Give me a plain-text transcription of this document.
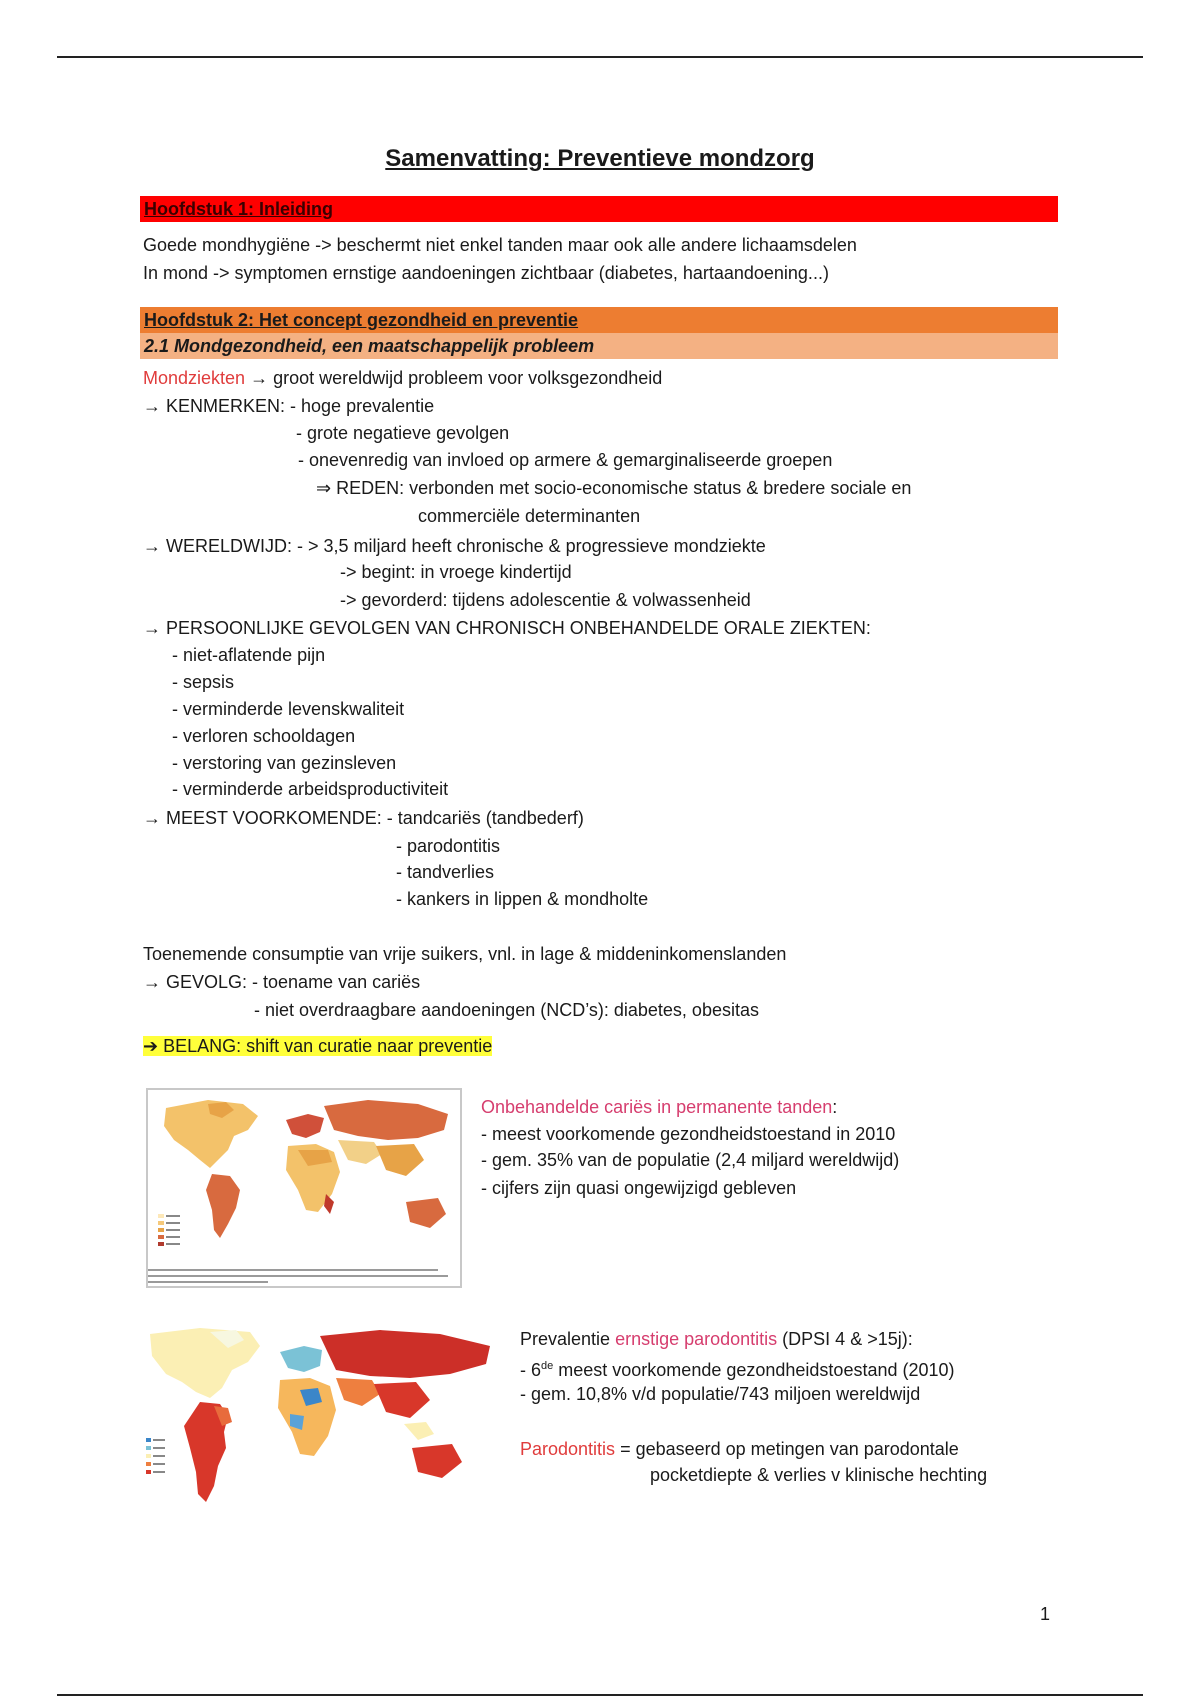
Samenvatting: Preventieve mondzorg
Hoofdstuk 1: Inleiding
Goede mondhygiëne -> beschermt niet enkel tanden maar ook alle andere lichaamsdelen
In mond -> symptomen ernstige aandoeningen zichtbaar (diabetes, hartaandoening...)
Hoofdstuk 2: Het concept gezondheid en preventie
2.1 Mondgezondheid, een maatschappelijk probleem
Mondziekten → groot wereldwijd probleem voor volksgezondheid
→ KENMERKEN: - hoge prevalentie
- grote negatieve gevolgen
- onevenredig van invloed op armere & gemarginaliseerde groepen
⇒ REDEN: verbonden met socio-economische status & bredere sociale en
commerciële determinanten
→ WERELDWIJD: - > 3,5 miljard heeft chronische & progressieve mondziekte
-> begint: in vroege kindertijd
-> gevorderd: tijdens adolescentie & volwassenheid
→ PERSOONLIJKE GEVOLGEN VAN CHRONISCH ONBEHANDELDE ORALE ZIEKTEN:
- niet-aflatende pijn
- sepsis
- verminderde levenskwaliteit
- verloren schooldagen
- verstoring van gezinsleven
- verminderde arbeidsproductiviteit
→ MEEST VOORKOMENDE: - tandcariës (tandbederf)
- parodontitis
- tandverlies
- kankers in lippen & mondholte
Toenemende consumptie van vrije suikers, vnl. in lage & middeninkomenslanden
→ GEVOLG: - toename van cariës
- niet overdraagbare aandoeningen (NCD’s): diabetes, obesitas
➔ BELANG: shift van curatie naar preventie
Onbehandelde cariës in permanente tanden:
- meest voorkomende gezondheidstoestand in 2010
- gem. 35% van de populatie (2,4 miljard wereldwijd)
- cijfers zijn quasi ongewijzigd gebleven
Prevalentie ernstige parodontitis (DPSI 4 & >15j):
- 6de meest voorkomende gezondheidstoestand (2010)
- gem. 10,8% v/d populatie/743 miljoen wereldwijd
Parodontitis = gebaseerd op metingen van parodontale
pocketdiepte & verlies v klinische hechting
1
